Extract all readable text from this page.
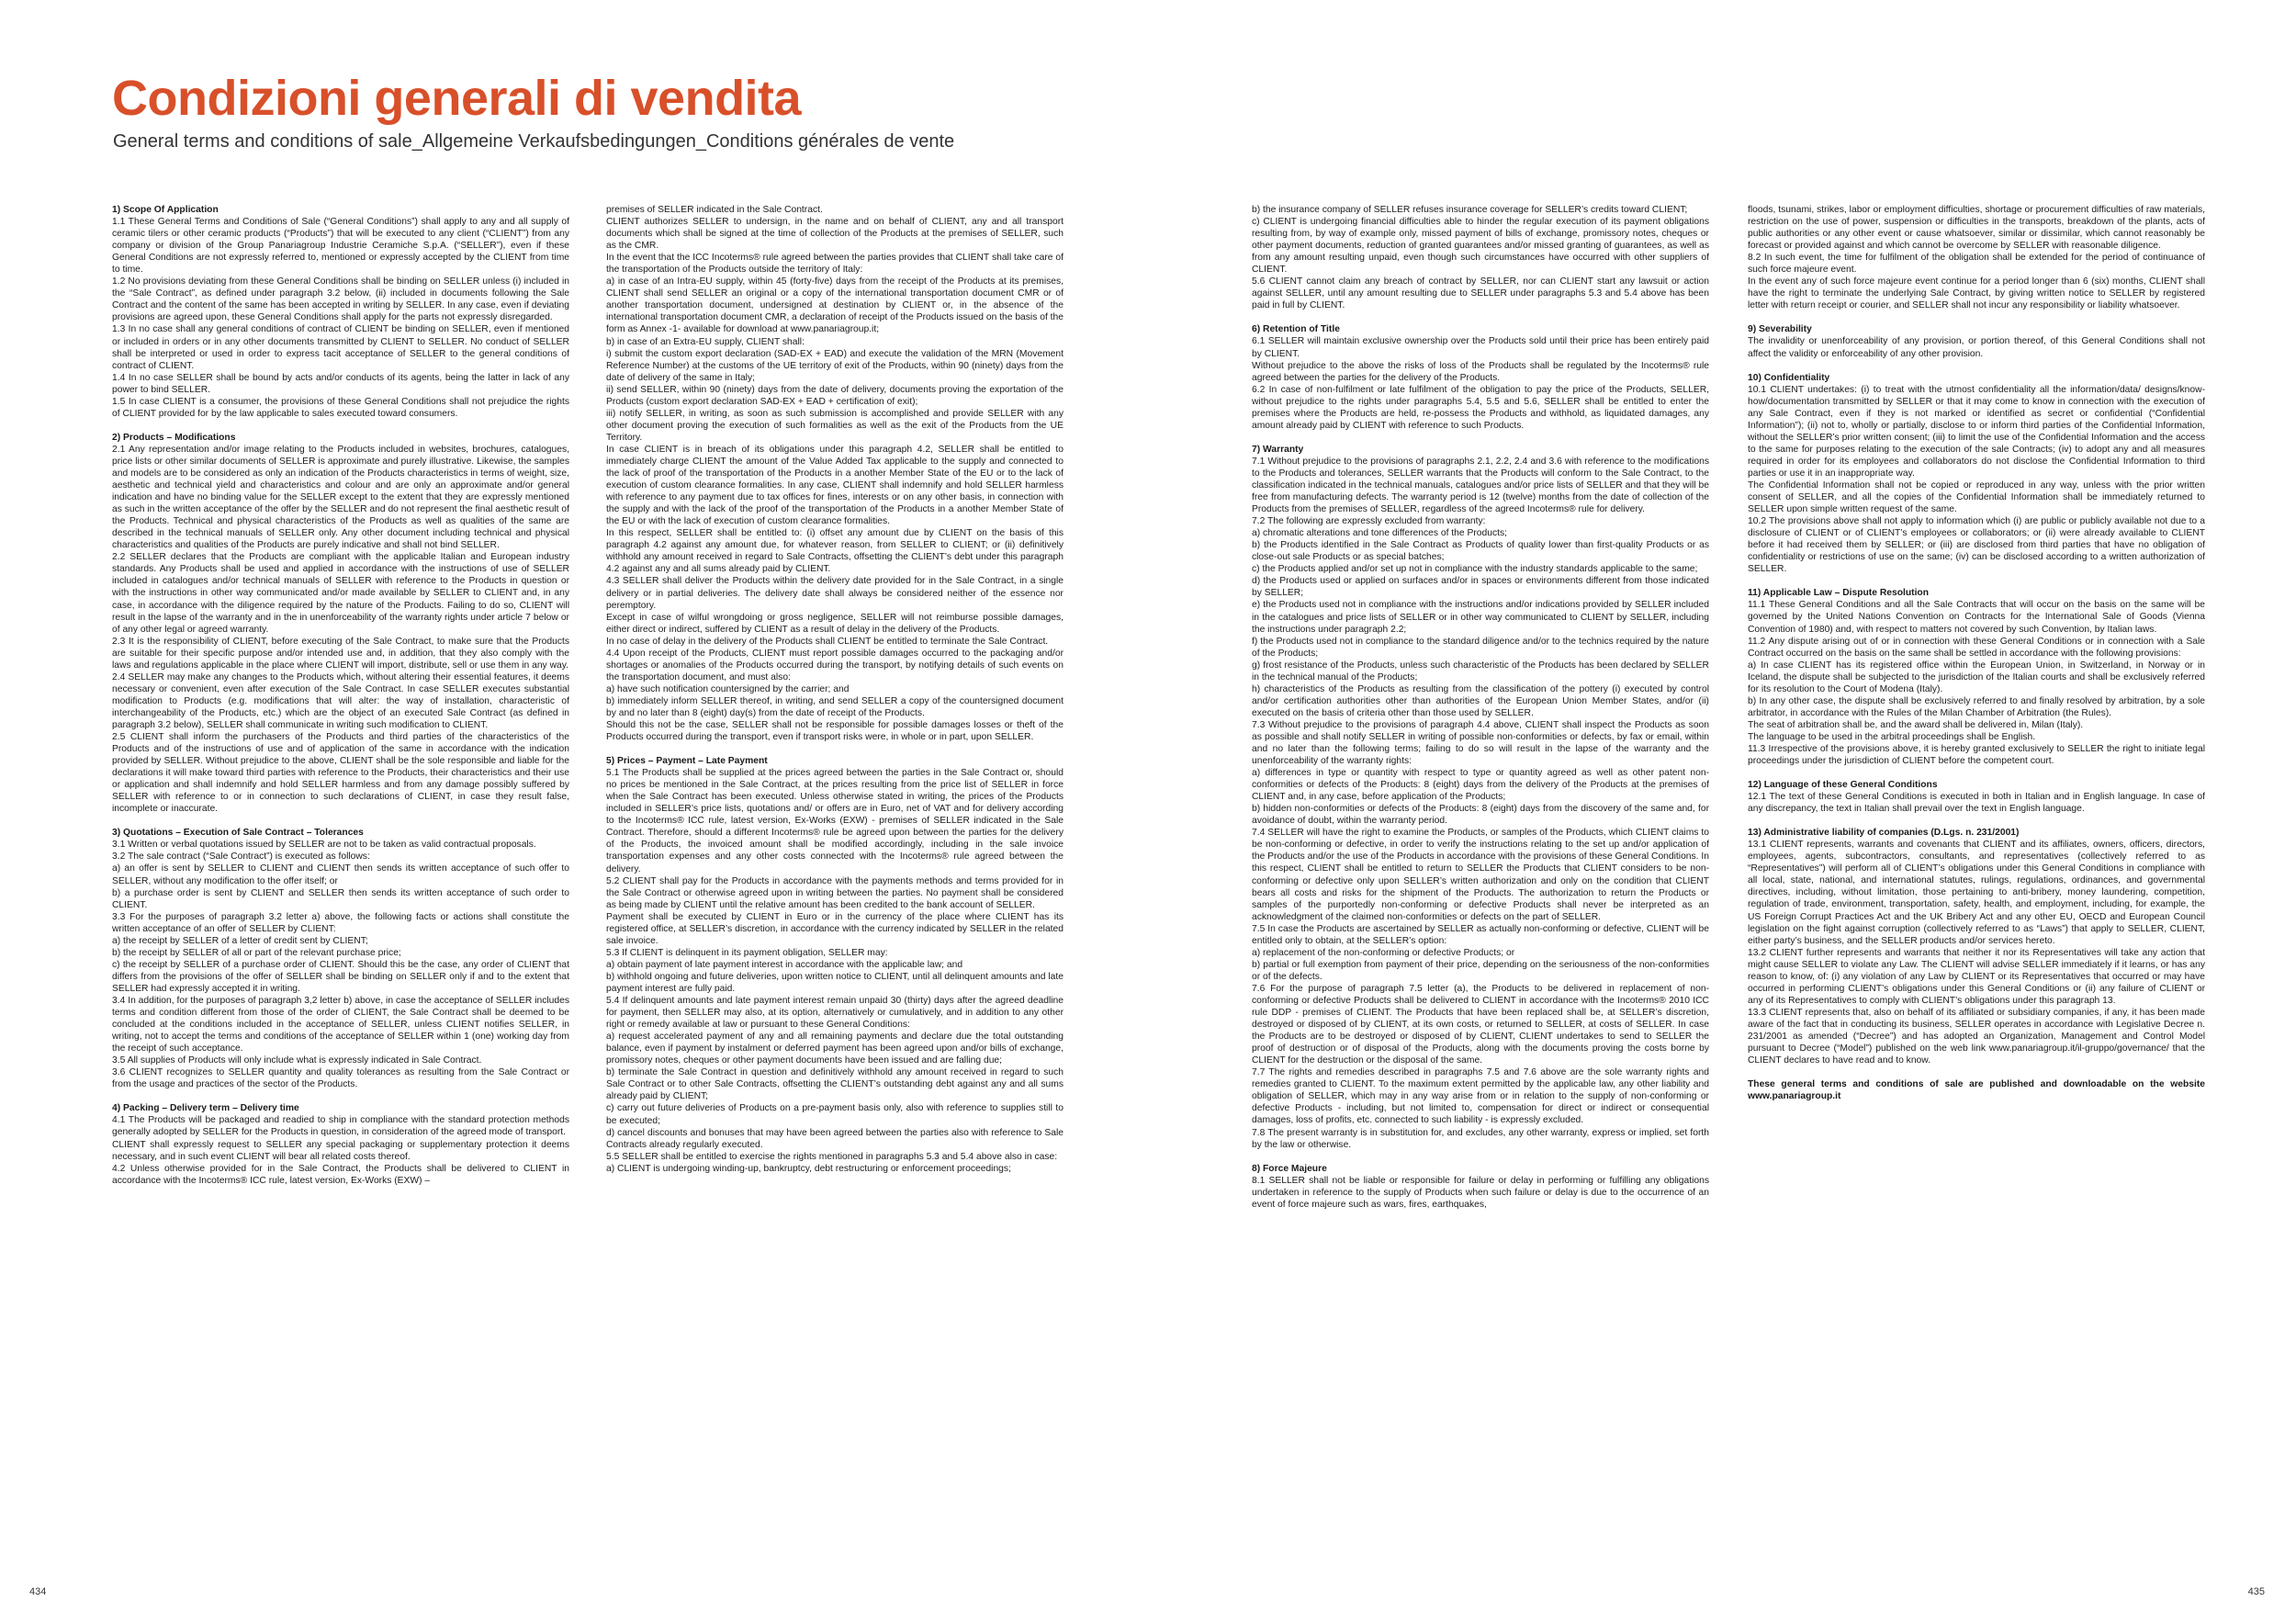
Condizioni generali di vendita
General terms and conditions of sale_Allgemeine Verkaufsbedingungen_Conditions générales de vente
1) Scope Of Application

1.1 These General Terms and Conditions of Sale (“General Conditions”) shall apply to any and all supply of ceramic tilers or other ceramic products (“Products”) that will be executed to any client (“CLIENT”) from any company or division of the Group Panariagroup Industrie Ceramiche S.p.A. (“SELLER”), even if these General Conditions are not expressly referred to, mentioned or expressly accepted by the CLIENT from time to time.

1.2 No provisions deviating from these General Conditions shall be binding on SELLER unless (i) included in the “Sale Contract”, as defined under paragraph 3.2 below, (ii) included in documents following the Sale Contract and the content of the same has been accepted in writing by SELLER. In any case, even if deviating provisions are agreed upon, these General Conditions shall apply for the parts not expressly disregarded.

1.3 In no case shall any general conditions of contract of CLIENT be binding on SELLER, even if mentioned or included in orders or in any other documents transmitted by CLIENT to SELLER. No conduct of SELLER shall be interpreted or used in order to express tacit acceptance of SELLER to the general conditions of contract of CLIENT.

1.4 In no case SELLER shall be bound by acts and/or conducts of its agents, being the latter in lack of any power to bind SELLER.

1.5 In case CLIENT is a consumer, the provisions of these General Conditions shall not prejudice the rights of CLIENT provided for by the law applicable to sales executed toward consumers.

2) Products – Modifications

2.1 Any representation and/or image relating to the Products included in websites, brochures, catalogues, price lists or other similar documents of SELLER is approximate and purely illustrative. Likewise, the samples and models are to be considered as only an indication of the Products characteristics in terms of weight, size, aesthetic and technical yield and characteristics and colour and are only an approximate and/or general indication and have no binding value for the SELLER except to the extent that they are expressly mentioned as such in the written acceptance of the offer by the SELLER and do not represent the final aesthetic result of the Products. Technical and physical characteristics of the Products as well as qualities of the same are described in the technical manuals of SELLER only. Any other document including technical and physical characteristics and qualities of the Products are purely indicative and shall not bind SELLER.

2.2 SELLER declares that the Products are compliant with the applicable Italian and European industry standards. Any Products shall be used and applied in accordance with the instructions of use of SELLER included in catalogues and/or technical manuals of SELLER with reference to the Products in question or with the instructions in other way communicated and/or made available by SELLER to CLIENT and, in any case, in accordance with the diligence required by the nature of the Products. Failing to do so, CLIENT will result in the lapse of the warranty and in the in unenforceability of the warranty rights under article 7 below or of any other legal or agreed warranty.

2.3 It is the responsibility of CLIENT, before executing of the Sale Contract, to make sure that the Products are suitable for their specific purpose and/or intended use and, in addition, that they also comply with the laws and regulations applicable in the place where CLIENT will import, distribute, sell or use them in any way.

2.4 SELLER may make any changes to the Products which, without altering their essential features, it deems necessary or convenient, even after execution of the Sale Contract. In case SELLER executes substantial modification to Products (e.g. modifications that will alter: the way of installation, characteristic of interchangeability of the Products, etc.) which are the object of an executed Sale Contract (as defined in paragraph 3.2 below), SELLER shall communicate in writing such modification to CLIENT.

2.5 CLIENT shall inform the purchasers of the Products and third parties of the characteristics of the Products and of the instructions of use and of application of the same in accordance with the indication provided by SELLER. Without prejudice to the above, CLIENT shall be the sole responsible and liable for the declarations it will make toward third parties with reference to the Products, their characteristics and their use or application and shall indemnify and hold SELLER harmless and from any damage possibly suffered by SELLER with reference to or in connection to such declarations of CLIENT, in case they result false, incomplete or inaccurate.

3) Quotations – Execution of Sale Contract – Tolerances

3.1 Written or verbal quotations issued by SELLER are not to be taken as valid contractual proposals.

3.2 The sale contract (“Sale Contract”) is executed as follows:

a) an offer is sent by SELLER to CLIENT and CLIENT then sends its written acceptance of such offer to SELLER, without any modification to the offer itself; or

b) a purchase order is sent by CLIENT and SELLER then sends its written acceptance of such order to CLIENT.

3.3 For the purposes of paragraph 3.2 letter a) above, the following facts or actions shall constitute the written acceptance of an offer of SELLER by CLIENT:

a) the receipt by SELLER of a letter of credit sent by CLIENT;

b) the receipt by SELLER of all or part of the relevant purchase price;

c) the receipt by SELLER of a purchase order of CLIENT. Should this be the case, any order of CLIENT that differs from the provisions of the offer of SELLER shall be binding on SELLER only if and to the extent that SELLER had expressly accepted it in writing.

3.4 In addition, for the purposes of paragraph 3,2 letter b) above, in case the acceptance of SELLER includes terms and condition different from those of the order of CLIENT, the Sale Contract shall be deemed to be concluded at the conditions included in the acceptance of SELLER, unless CLIENT notifies SELLER, in writing, not to accept the terms and conditions of the acceptance of SELLER within 1 (one) working day from the receipt of such acceptance.

3.5 All supplies of Products will only include what is expressly indicated in Sale Contract.

3.6 CLIENT recognizes to SELLER quantity and quality tolerances as resulting from the Sale Contract or from the usage and practices of the sector of the Products.

4) Packing – Delivery term – Delivery time

4.1 The Products will be packaged and readied to ship in compliance with the standard protection methods generally adopted by SELLER for the Products in question, in consideration of the agreed mode of transport.

CLIENT shall expressly request to SELLER any special packaging or supplementary protection it deems necessary, and in such event CLIENT will bear all related costs thereof.

4.2 Unless otherwise provided for in the Sale Contract, the Products shall be delivered to CLIENT in accordance with the Incoterms® ICC rule, latest version, Ex-Works (EXW) –

premises of SELLER indicated in the Sale Contract.

CLIENT authorizes SELLER to undersign, in the name and on behalf of CLIENT, any and all transport documents which shall be signed at the time of collection of the Products at the premises of SELLER, such as the CMR.

In the event that the ICC Incoterms® rule agreed between the parties provides that CLIENT shall take care of the transportation of the Products outside the territory of Italy:

a) in case of an Intra-EU supply, within 45 (forty-five) days from the receipt of the Products at its premises, CLIENT shall send SELLER an original or a copy of the international transportation document CMR or of another transportation document, undersigned at destination by CLIENT or, in the absence of the international transportation document CMR, a declaration of receipt of the Products issued on the basis of the form as Annex -1- available for download at www.panariagroup.it;

b) in case of an Extra-EU supply, CLIENT shall:

i) submit the custom export declaration (SAD-EX + EAD) and execute the validation of the MRN (Movement Reference Number) at the customs of the UE territory of exit of the Products, within 90 (ninety) days from the date of delivery of the same in Italy;

ii) send SELLER, within 90 (ninety) days from the date of delivery, documents proving the exportation of the Products (custom export declaration SAD-EX + EAD + certification of exit);

iii) notify SELLER, in writing, as soon as such submission is accomplished and provide SELLER with any other document proving the execution of such formalities as well as the exit of the Products from the UE Territory.

In case CLIENT is in breach of its obligations under this paragraph 4.2, SELLER shall be entitled to immediately charge CLIENT the amount of the Value Added Tax applicable to the supply and connected to the lack of proof of the transportation of the Products in a another Member State of the EU or to the lack of execution of custom clearance formalities. In any case, CLIENT shall indemnify and hold SELLER harmless with reference to any payment due to tax offices for fines, interests or on any other basis, in connection with the supply and with the lack of the proof of the transportation of the Products in a another Member State of the EU or with the lack of execution of custom clearance formalities.

In this respect, SELLER shall be entitled to: (i) offset any amount due by CLIENT on the basis of this paragraph 4.2 against any amount due, for whatever reason, from SELLER to CLIENT; or (ii) definitively withhold any amount received in regard to Sale Contracts, offsetting the CLIENT’s debt under this paragraph 4.2 against any and all sums already paid by CLIENT.

4.3 SELLER shall deliver the Products within the delivery date provided for in the Sale Contract, in a single delivery or in partial deliveries. The delivery date shall always be considered neither of the essence nor peremptory.

Except in case of wilful wrongdoing or gross negligence, SELLER will not reimburse possible damages, either direct or indirect, suffered by CLIENT as a result of delay in the delivery of the Products.

In no case of delay in the delivery of the Products shall CLIENT be entitled to terminate the Sale Contract.

4.4 Upon receipt of the Products, CLIENT must report possible damages occurred to the packaging and/or shortages or anomalies of the Products occurred during the transport, by notifying details of such events on the transportation document, and must also:

a) have such notification countersigned by the carrier; and

b) immediately inform SELLER thereof, in writing, and send SELLER a copy of the countersigned document by and no later than 8 (eight) day(s) from the date of receipt of the Products.

Should this not be the case, SELLER shall not be responsible for possible damages losses or theft of the Products occurred during the transport, even if transport risks were, in whole or in part, upon SELLER.

5) Prices – Payment – Late Payment

5.1 The Products shall be supplied at the prices agreed between the parties in the Sale Contract or, should no prices be mentioned in the Sale Contract, at the prices resulting from the price list of SELLER in force when the Sale Contract has been executed. Unless otherwise stated in writing, the prices of the Products included in SELLER’s price lists, quotations and/ or offers are in Euro, net of VAT and for delivery according to the Incoterms® ICC rule, latest version, Ex-Works (EXW) - premises of SELLER indicated in the Sale Contract. Therefore, should a different Incoterms® rule be agreed upon between the parties for the delivery of the Products, the invoiced amount shall be modified accordingly, including in the sale invoice transportation expenses and any other costs connected with the Incoterms® rule agreed between the delivery.

5.2 CLIENT shall pay for the Products in accordance with the payments methods and terms provided for in the Sale Contract or otherwise agreed upon in writing between the parties. No payment shall be considered as being made by CLIENT until the relative amount has been credited to the bank account of SELLER.

Payment shall be executed by CLIENT in Euro or in the currency of the place where CLIENT has its registered office, at SELLER’s discretion, in accordance with the currency indicated by SELLER in the related sale invoice.

5.3 If CLIENT is delinquent in its payment obligation, SELLER may:

a) obtain payment of late payment interest in accordance with the applicable law; and

b) withhold ongoing and future deliveries, upon written notice to CLIENT, until all delinquent amounts and late payment interest are fully paid.

5.4 If delinquent amounts and late payment interest remain unpaid 30 (thirty) days after the agreed deadline for payment, then SELLER may also, at its option, alternatively or cumulatively, and in addition to any other right or remedy available at law or pursuant to these General Conditions:

a) request accelerated payment of any and all remaining payments and declare due the total outstanding balance, even if payment by instalment or deferred payment has been agreed upon and/or bills of exchange, promissory notes, cheques or other payment documents have been issued and are falling due;

b) terminate the Sale Contract in question and definitively withhold any amount received in regard to such Sale Contract or to other Sale Contracts, offsetting the CLIENT’s outstanding debt against any and all sums already paid by CLIENT;

c) carry out future deliveries of Products on a pre-payment basis only, also with reference to supplies still to be executed;

d) cancel discounts and bonuses that may have been agreed between the parties also with reference to Sale Contracts already regularly executed.

5.5 SELLER shall be entitled to exercise the rights mentioned in paragraphs 5.3 and 5.4 above also in case:

a) CLIENT is undergoing winding-up, bankruptcy, debt restructuring or enforcement proceedings;

b) the insurance company of SELLER refuses insurance coverage for SELLER’s credits toward CLIENT;

c) CLIENT is undergoing financial difficulties able to hinder the regular execution of its payment obligations resulting from, by way of example only, missed payment of bills of exchange, promissory notes, cheques or other payment documents, reduction of granted guarantees and/or missed granting of guarantees, as well as from any amount resulting unpaid, even though such circumstances have occurred with other suppliers of CLIENT.

5.6 CLIENT cannot claim any breach of contract by SELLER, nor can CLIENT start any lawsuit or action against SELLER, until any amount resulting due to SELLER under paragraphs 5.3 and 5.4 above has been paid in full by CLIENT.

6) Retention of Title

6.1 SELLER will maintain exclusive ownership over the Products sold until their price has been entirely paid by CLIENT.

Without prejudice to the above the risks of loss of the Products shall be regulated by the Incoterms® rule agreed between the parties for the delivery of the Products.

6.2 In case of non-fulfilment or late fulfilment of the obligation to pay the price of the Products, SELLER, without prejudice to the rights under paragraphs 5.4, 5.5 and 5.6, SELLER shall be entitled to enter the premises where the Products are held, re-possess the Products and withhold, as liquidated damages, any amount already paid by CLIENT with reference to such Products.

7) Warranty

7.1 Without prejudice to the provisions of paragraphs 2.1, 2.2, 2.4 and 3.6 with reference to the modifications to the Products and tolerances, SELLER warrants that the Products will conform to the Sale Contract, to the classification indicated in the technical manuals, catalogues and/or price lists of SELLER and that they will be free from manufacturing defects. The warranty period is 12 (twelve) months from the date of collection of the Products from the premises of SELLER, regardless of the agreed Incoterms® rule for delivery.

7.2 The following are expressly excluded from warranty:

a) chromatic alterations and tone differences of the Products;

b) the Products identified in the Sale Contract as Products of quality lower than first-quality Products or as close-out sale Products or as special batches;

c) the Products applied and/or set up not in compliance with the industry standards applicable to the same;

d) the Products used or applied on surfaces and/or in spaces or environments different from those indicated by SELLER;

e) the Products used not in compliance with the instructions and/or indications provided by SELLER included in the catalogues and price lists of SELLER or in other way communicated to CLIENT by SELLER, including the instructions under paragraph 2.2;

f) the Products used not in compliance to the standard diligence and/or to the technics required by the nature of the Products;

g) frost resistance of the Products, unless such characteristic of the Products has been declared by SELLER in the technical manual of the Products;

h) characteristics of the Products as resulting from the classification of the pottery (i) executed by control and/or certification authorities other than authorities of the European Union Member States, and/or (ii) executed on the basis of criteria other than those used by SELLER.

7.3 Without prejudice to the provisions of paragraph 4.4 above, CLIENT shall inspect the Products as soon as possible and shall notify SELLER in writing of possible non-conformities or defects, by fax or email, within and no later than the following terms; failing to do so will result in the lapse of the warranty and the unenforceability of the warranty rights:

a) differences in type or quantity with respect to type or quantity agreed as well as other patent non-conformities or defects of the Products: 8 (eight) days from the delivery of the Products at the premises of CLIENT and, in any case, before application of the Products;

b) hidden non-conformities or defects of the Products: 8 (eight) days from the discovery of the same and, for avoidance of doubt, within the warranty period.

7.4 SELLER will have the right to examine the Products, or samples of the Products, which CLIENT claims to be non-conforming or defective, in order to verify the instructions relating to the set up and/or application of the Products and/or the use of the Products in accordance with the provisions of these General Conditions. In this respect, CLIENT shall be entitled to return to SELLER the Products that CLIENT considers to be non-conforming or defective only upon SELLER’s written authorization and only on the condition that CLIENT bears all costs and risks for the shipment of the Products. The authorization to return the Products or samples of the purportedly non-conforming or defective Products shall never be interpreted as an acknowledgment of the claimed non-conformities or defects on the part of SELLER.

7.5 In case the Products are ascertained by SELLER as actually non-conforming or defective, CLIENT will be entitled only to obtain, at the SELLER’s option:

a) replacement of the non-conforming or defective Products; or

b) partial or full exemption from payment of their price, depending on the seriousness of the non-conformities or of the defects.

7.6 For the purpose of paragraph 7.5 letter (a), the Products to be delivered in replacement of non-conforming or defective Products shall be delivered to CLIENT in accordance with the Incoterms® 2010 ICC rule DDP - premises of CLIENT. The Products that have been replaced shall be, at SELLER’s discretion, destroyed or disposed of by CLIENT, at its own costs, or returned to SELLER, at costs of SELLER. In case the Products are to be destroyed or disposed of by CLIENT, CLIENT undertakes to send to SELLER the proof of destruction or of disposal of the Products, along with the documents proving the costs borne by CLIENT for the destruction or the disposal of the same.

7.7 The rights and remedies described in paragraphs 7.5 and 7.6 above are the sole warranty rights and remedies granted to CLIENT. To the maximum extent permitted by the applicable law, any other liability and obligation of SELLER, which may in any way arise from or in relation to the supply of non-conforming or defective Products - including, but not limited to, compensation for direct or indirect or consequential damages, loss of profits, etc. connected to such liability - is expressly excluded.

7.8 The present warranty is in substitution for, and excludes, any other warranty, express or implied, set forth by the law or otherwise.

8) Force Majeure

8.1 SELLER shall not be liable or responsible for failure or delay in performing or fulfilling any obligations undertaken in reference to the supply of Products when such failure or delay is due to the occurrence of an event of force majeure such as wars, fires, earthquakes,

floods, tsunami, strikes, labor or employment difficulties, shortage or procurement difficulties of raw materials, restriction on the use of power, suspension or difficulties in the transports, breakdown of the plants, acts of public authorities or any other event or cause whatsoever, similar or dissimilar, which cannot reasonably be forecast or provided against and which cannot be overcome by SELLER with reasonable diligence.

8.2 In such event, the time for fulfilment of the obligation shall be extended for the period of continuance of such force majeure event.

In the event any of such force majeure event continue for a period longer than 6 (six) months, CLIENT shall have the right to terminate the underlying Sale Contract, by giving written notice to SELLER by registered letter with return receipt or courier, and SELLER shall not incur any responsibility or liability whatsoever.

9) Severability

The invalidity or unenforceability of any provision, or portion thereof, of this General Conditions shall not affect the validity or enforceability of any other provision.

10) Confidentiality

10.1 CLIENT undertakes: (i) to treat with the utmost confidentiality all the information/data/ designs/know-how/documentation transmitted by SELLER or that it may come to know in connection with the execution of any Sale Contract, even if they is not marked or identified as secret or confidential (“Confidential Information”); (ii) not to, wholly or partially, disclose to or inform third parties of the Confidential Information, without the SELLER’s prior written consent; (iii) to limit the use of the Confidential Information and the access to the same for purposes relating to the execution of the sale Contracts; (iv) to adopt any and all measures required in order for its employees and collaborators do not disclose the Confidential Information to third parties or use it in an inappropriate way.

The Confidential Information shall not be copied or reproduced in any way, unless with the prior written consent of SELLER, and all the copies of the Confidential Information shall be immediately returned to SELLER upon simple written request of the same.

10.2 The provisions above shall not apply to information which (i) are public or publicly available not due to a disclosure of CLIENT or of CLIENT’s employees or collaborators; or (ii) were already available to CLIENT before it had received them by SELLER; or (iii) are disclosed from third parties that have no obligation of confidentiality or restrictions of use on the same; (iv) can be disclosed according to a written authorization of SELLER.

11) Applicable Law – Dispute Resolution

11.1 These General Conditions and all the Sale Contracts that will occur on the basis on the same will be governed by the United Nations Convention on Contracts for the International Sale of Goods (Vienna Convention of 1980) and, with respect to matters not covered by such Convention, by Italian laws.

11.2 Any dispute arising out of or in connection with these General Conditions or in connection with a Sale Contract occurred on the basis on the same shall be settled in accordance with the following provisions:

a) In case CLIENT has its registered office within the European Union, in Switzerland, in Norway or in Iceland, the dispute shall be subjected to the jurisdiction of the Italian courts and shall be exclusively referred for its resolution to the Court of Modena (Italy).

b) In any other case, the dispute shall be exclusively referred to and finally resolved by arbitration, by a sole arbitrator, in accordance with the Rules of the Milan Chamber of Arbitration (the Rules).

The seat of arbitration shall be, and the award shall be delivered in, Milan (Italy).

The language to be used in the arbitral proceedings shall be English.

11.3 Irrespective of the provisions above, it is hereby granted exclusively to SELLER the right to initiate legal proceedings under the jurisdiction of CLIENT before the competent court.

12) Language of these General Conditions

12.1 The text of these General Conditions is executed in both in Italian and in English language. In case of any discrepancy, the text in Italian shall prevail over the text in English language.

13) Administrative liability of companies (D.Lgs. n. 231/2001)

13.1 CLIENT represents, warrants and covenants that CLIENT and its affiliates, owners, officers, directors, employees, agents, subcontractors, consultants, and representatives (collectively referred to as “Representatives”) will perform all of CLIENT’s obligations under this General Conditions in compliance with all local, state, national, and international statutes, rulings, regulations, ordinances, and governmental directives, including, without limitation, those pertaining to anti-bribery, money laundering, competition, regulation of trade, environment, transportation, safety, health, and employment, including, for example, the US Foreign Corrupt Practices Act and the UK Bribery Act and any other EU, OECD and European Council legislation on the fight against corruption (collectively referred to as “Laws”) that apply to SELLER, CLIENT, either party’s business, and the SELLER products and/or services hereto.

13.2 CLIENT further represents and warrants that neither it nor its Representatives will take any action that might cause SELLER to violate any Law. The CLIENT will advise SELLER immediately if it learns, or has any reason to know, of: (i) any violation of any Law by CLIENT or its Representatives that occurred or may have occurred in performing CLIENT’s obligations under this General Conditions or (ii) any failure of CLIENT or any of its Representatives to comply with CLIENT’s obligations under this paragraph 13.

13.3 CLIENT represents that, also on behalf of its affiliated or subsidiary companies, if any, it has been made aware of the fact that in conducting its business, SELLER operates in accordance with Legislative Decree n. 231/2001 as amended (“Decree”) and has adopted an Organization, Management and Control Model pursuant to Decree (“Model”) published on the web link www.panariagroup.it/il-gruppo/governance/ that the CLIENT declares to have read and to know.

These general terms and conditions of sale are published and downloadable on the website www.panariagroup.it

434	435
